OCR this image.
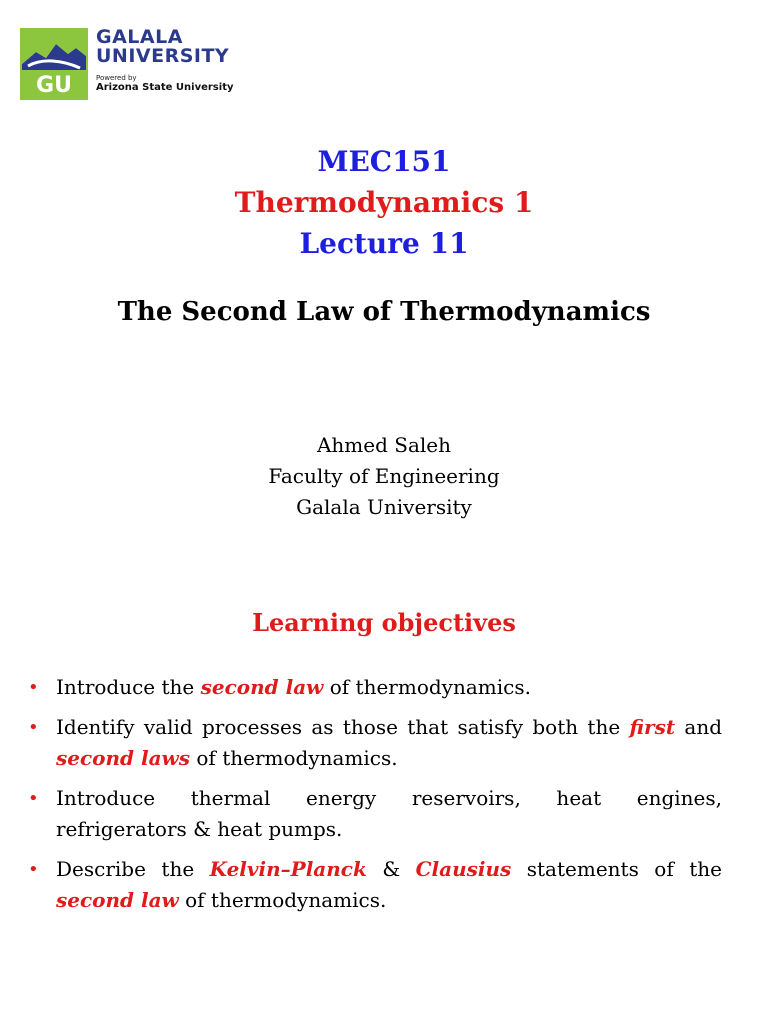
GU
GALALA
UNIVERSITY
Powered by
Arizona State University
MEC151
Thermodynamics 1
Lecture 11
The Second Law of Thermodynamics
Ahmed Saleh
Faculty of Engineering
Galala University
Learning objectives
• Introduce the second law of thermodynamics.
• Identify valid processes as those that satisfy both the first and second laws of thermodynamics.
• Introduce thermal energy reservoirs, heat engines,
refrigerators & heat pumps.
• Describe the Kelvin–Planck & Clausius statements of the second law of thermodynamics.
